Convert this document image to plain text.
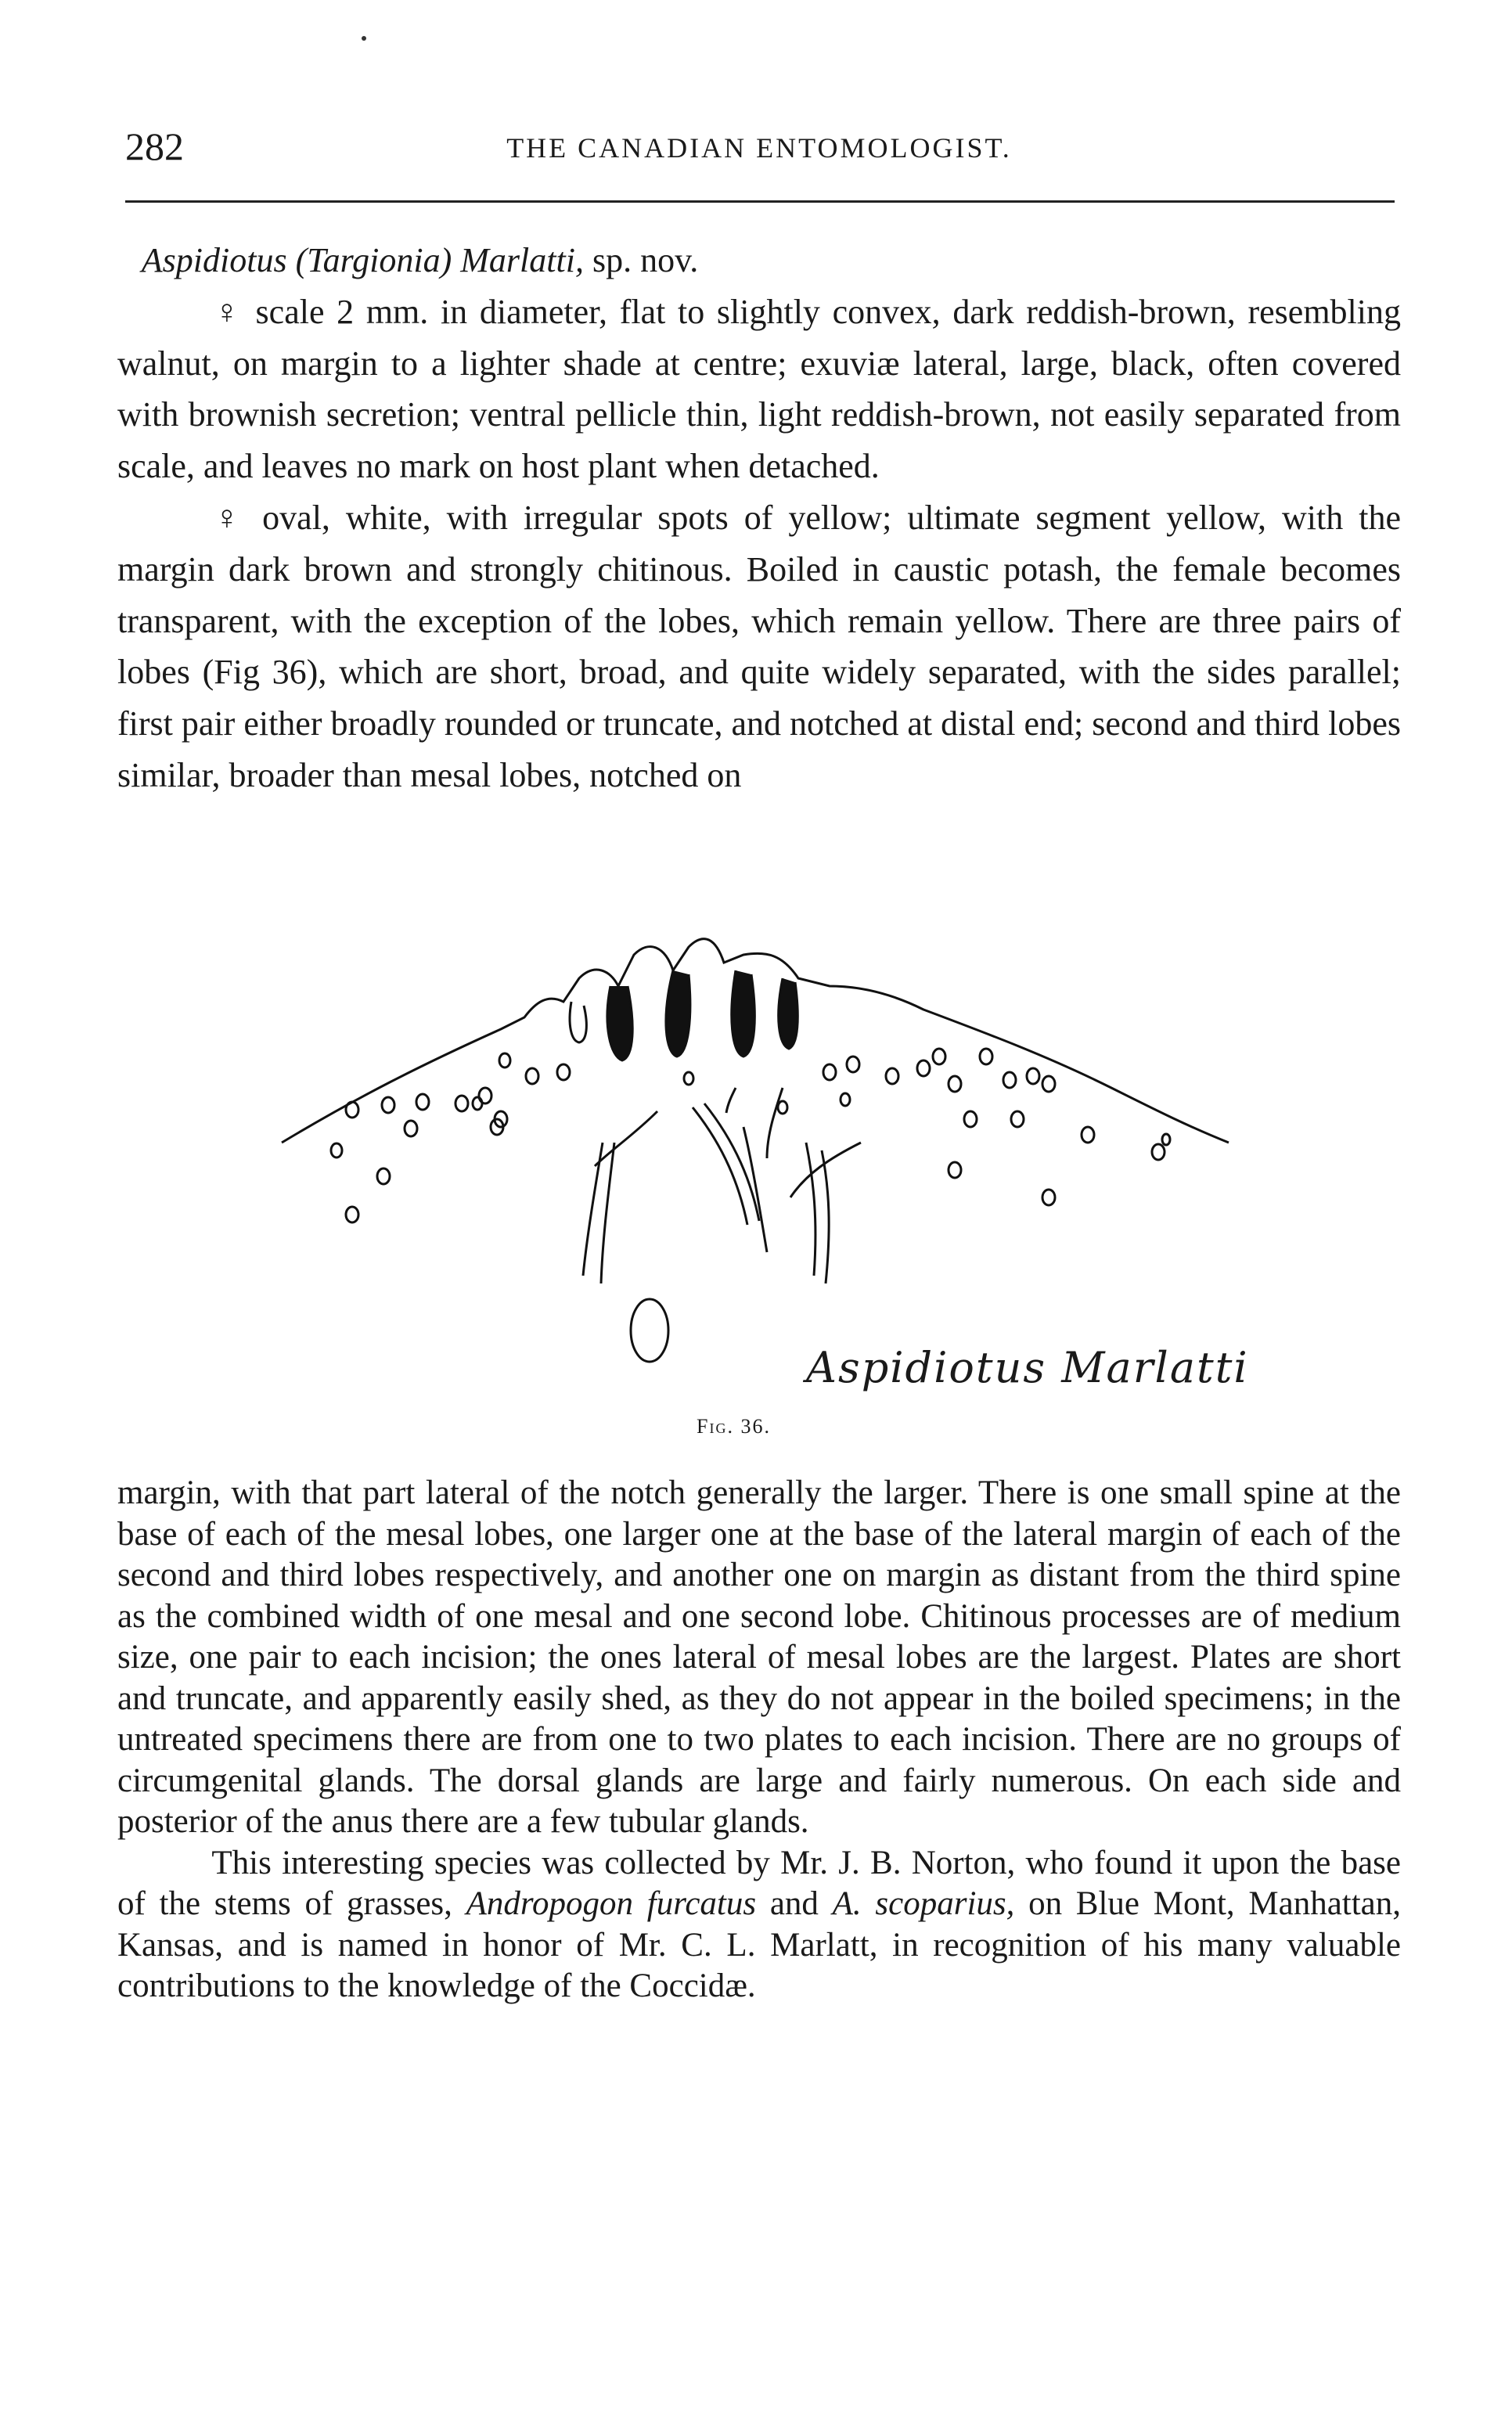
282	THE CANADIAN ENTOMOLOGIST.

Aspidiotus (Targionia) Marlatti, sp. nov.

♀ scale 2 mm. in diameter, flat to slightly convex, dark reddish-brown, resembling walnut, on margin to a lighter shade at centre; exuviæ lateral, large, black, often covered with brownish secretion; ventral pellicle thin, light reddish-brown, not easily separated from scale, and leaves no mark on host plant when detached.

♀ oval, white, with irregular spots of yellow; ultimate segment yellow, with the margin dark brown and strongly chitinous. Boiled in caustic potash, the female becomes transparent, with the exception of the lobes, which remain yellow. There are three pairs of lobes (Fig 36), which are short, broad, and quite widely separated, with the sides parallel; first pair either broadly rounded or truncate, and notched at distal end; second and third lobes similar, broader than mesal lobes, notched on

Aspidiotus Marlatti
Fig. 36.

margin, with that part lateral of the notch generally the larger. There is one small spine at the base of each of the mesal lobes, one larger one at the base of the lateral margin of each of the second and third lobes respectively, and another one on margin as distant from the third spine as the combined width of one mesal and one second lobe. Chitinous processes are of medium size, one pair to each incision; the ones lateral of mesal lobes are the largest. Plates are short and truncate, and apparently easily shed, as they do not appear in the boiled specimens; in the untreated specimens there are from one to two plates to each incision. There are no groups of circumgenital glands. The dorsal glands are large and fairly numerous. On each side and posterior of the anus there are a few tubular glands.

This interesting species was collected by Mr. J. B. Norton, who found it upon the base of the stems of grasses, Andropogon furcatus and A. scoparius, on Blue Mont, Manhattan, Kansas, and is named in honor of Mr. C. L. Marlatt, in recognition of his many valuable contributions to the knowledge of the Coccidæ.
